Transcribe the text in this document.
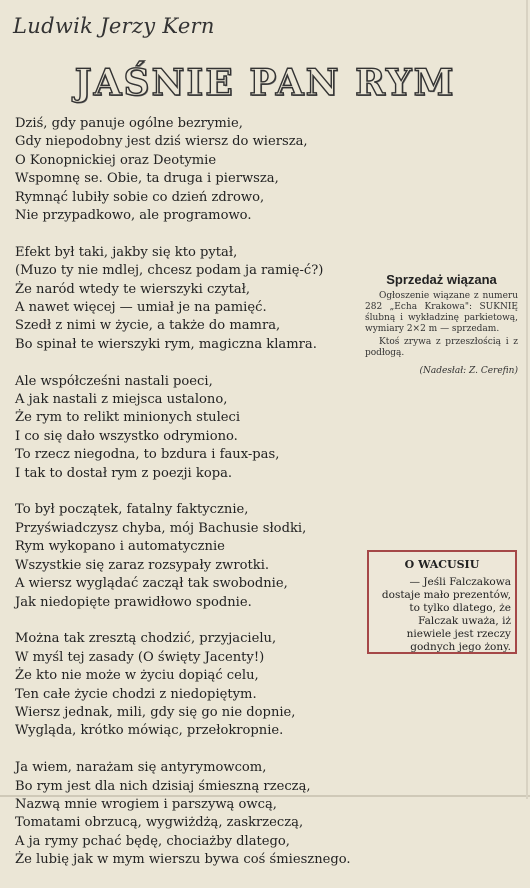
Ludwik Jerzy Kern
JAŚNIE PAN RYM
Dziś, gdy panuje ogólne bezrymie,
Gdy niepodobny jest dziś wiersz do wiersza,
O Konopnickiej oraz Deotymie
Wspomnę se. Obie, ta druga i pierwsza,
Rymnąć lubiły sobie co dzień zdrowo,
Nie przypadkowo, ale programowo.
Efekt był taki, jakby się kto pytał,
(Muzo ty nie mdlej, chcesz podam ja ramię-ć?)
Że naród wtedy te wierszyki czytał,
A nawet więcej — umiał je na pamięć.
Szedł z nimi w życie, a także do mamra,
Bo spinał te wierszyki rym, magiczna klamra.
Ale współcześni nastali poeci,
A jak nastali z miejsca ustalono,
Że rym to relikt minionych stuleci
I co się dało wszystko odrymiono.
To rzecz niegodna, to bzdura i faux-pas,
I tak to dostał rym z poezji kopa.
To był początek, fatalny faktycznie,
Przyświadczysz chyba, mój Bachusie słodki,
Rym wykopano i automatycznie
Wszystkie się zaraz rozsypały zwrotki.
A wiersz wyglądać zaczął tak swobodnie,
Jak niedopięte prawidłowo spodnie.
Można tak zresztą chodzić, przyjacielu,
W myśl tej zasady (O święty Jacenty!)
Że kto nie może w życiu dopiąć celu,
Ten całe życie chodzi z niedopiętym.
Wiersz jednak, mili, gdy się go nie dopnie,
Wygląda, krótko mówiąc, przełokropnie.
Ja wiem, narażam się antyrymowcom,
Bo rym jest dla nich dzisiaj śmieszną rzeczą,
Nazwą mnie wrogiem i parszywą owcą,
Tomatami obrzucą, wygwiżdżą, zaskrzeczą,
A ja rymy pchać będę, chociażby dlatego,
Że lubię jak w mym wierszu bywa coś śmiesznego.
Sprzedaż wiązana

Ogłoszenie wiązane z numeru 282 „Echa Krakowa": SUKNIĘ ślubną i wykładzinę parkietową, wymiary 2×2 m — sprzedam.

Ktoś zrywa z przeszłością i z podłogą.

(Nadesłał: Z. Cerefin)

O WACUSIU
— Jeśli Falczakowa dostaje mało prezentów, to tylko dlatego, że Falczak uważa, iż niewiele jest rzeczy godnych jego żony.
